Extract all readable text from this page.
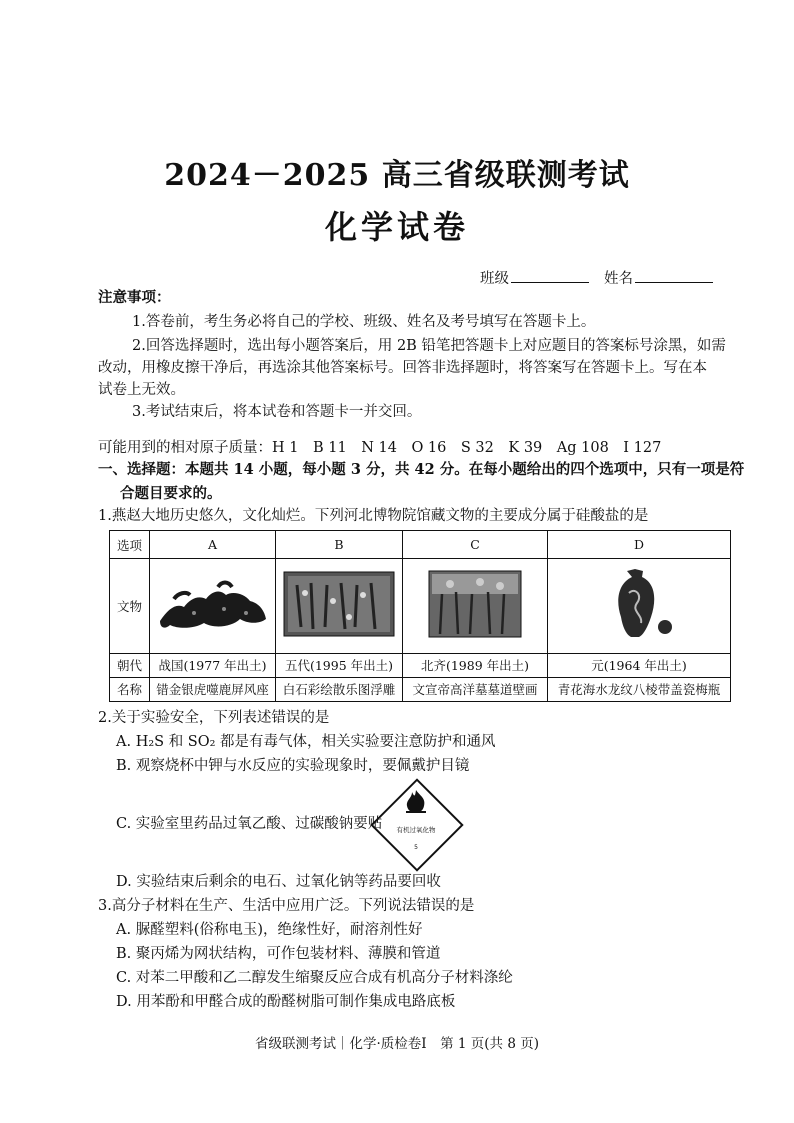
2024－2025 高三省级联测考试
化学试卷
班级	姓名
注意事项：
1.答卷前，考生务必将自己的学校、班级、姓名及考号填写在答题卡上。
2.回答选择题时，选出每小题答案后，用 2B 铅笔把答题卡上对应题目的答案标号涂黑，如需
改动，用橡皮擦干净后，再选涂其他答案标号。回答非选择题时，将答案写在答题卡上。写在本
试卷上无效。
3.考试结束后，将本试卷和答题卡一并交回。
可能用到的相对原子质量：H 1　B 11　N 14　O 16　S 32　K 39　Ag 108　I 127
一、选择题：本题共 14 小题，每小题 3 分，共 42 分。在每小题给出的四个选项中，只有一项是符
合题目要求的。
1.燕赵大地历史悠久，文化灿烂。下列河北博物院馆藏文物的主要成分属于硅酸盐的是
选项	A	B	C	D
文物				
朝代	战国(1977 年出土)	五代(1995 年出土)	北齐(1989 年出土)	元(1964 年出土)
名称	错金银虎噬鹿屏风座	白石彩绘散乐图浮雕	文宣帝高洋墓墓道壁画	青花海水龙纹八棱带盖瓷梅瓶
2.关于实验安全，下列表述错误的是
A. H₂S 和 SO₂ 都是有毒气体，相关实验要注意防护和通风
B. 观察烧杯中钾与水反应的实验现象时，要佩戴护目镜
C. 实验室里药品过氧乙酸、过碳酸钠要贴	有机过氧化物
5
D. 实验结束后剩余的电石、过氧化钠等药品要回收
3.高分子材料在生产、生活中应用广泛。下列说法错误的是
A. 脲醛塑料(俗称电玉)，绝缘性好，耐溶剂性好
B. 聚丙烯为网状结构，可作包装材料、薄膜和管道
C. 对苯二甲酸和乙二醇发生缩聚反应合成有机高分子材料涤纶
D. 用苯酚和甲醛合成的酚醛树脂可制作集成电路底板
省级联测考试｜化学·质检卷Ⅰ　第 1 页(共 8 页)
